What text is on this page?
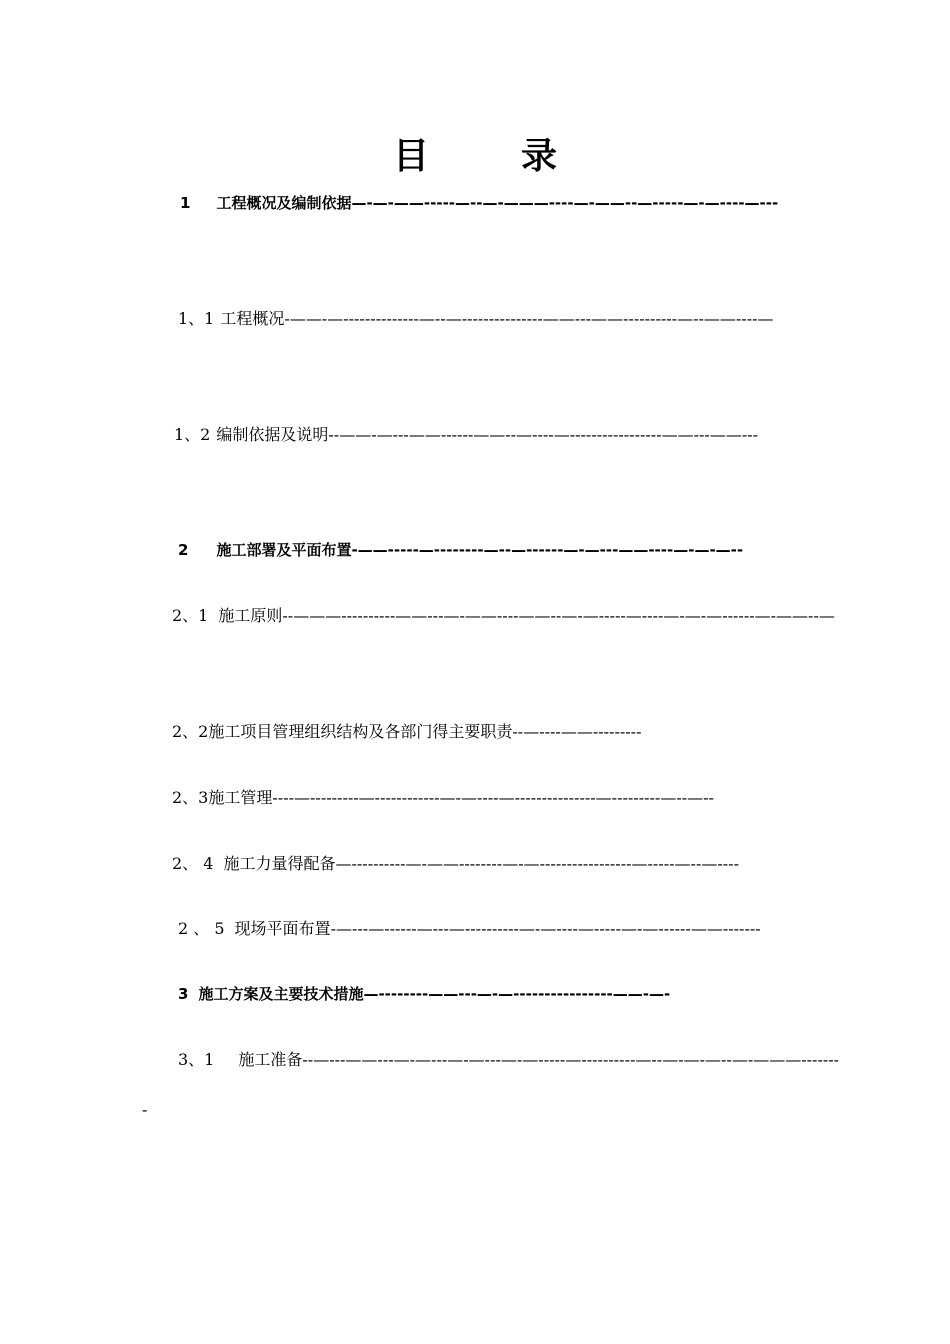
目	录
1 工程概况及编制依据—-—-——-----—--—-———----—-——--—-----—-—----—---
1、1 工程概况-——-—--------------—--—---------------——---——----------—--——----—
1、2 编制依据及说明--——-—---——------——--—----—-----------------——---——---
2 施工部署及平面布置-——-----—--------—--—------—-—---——----—-—-—--
2、1 施工原则--———----------——---—-——----——--—-—-----—----—-—-—------—-——--—
2、2施工项目管理组织结构及各部门得主要职责--—----——---------
2、3施工管理----—---------—------------—-—----—---------------—---------—--—--
2、 4 施工力量得配备—----------—-——--------—-—-----------------—-----—--—----
2 、 5 现场平面布置-—---—------—---—----------—-—----—-----—-—------——-------
3 施工方案及主要技术措施—--------——---—-—----------------——-—-
3、1 施工准备--—---——---—-—---—-—---—-—-----—----------—--—-—-—--—-———--------
